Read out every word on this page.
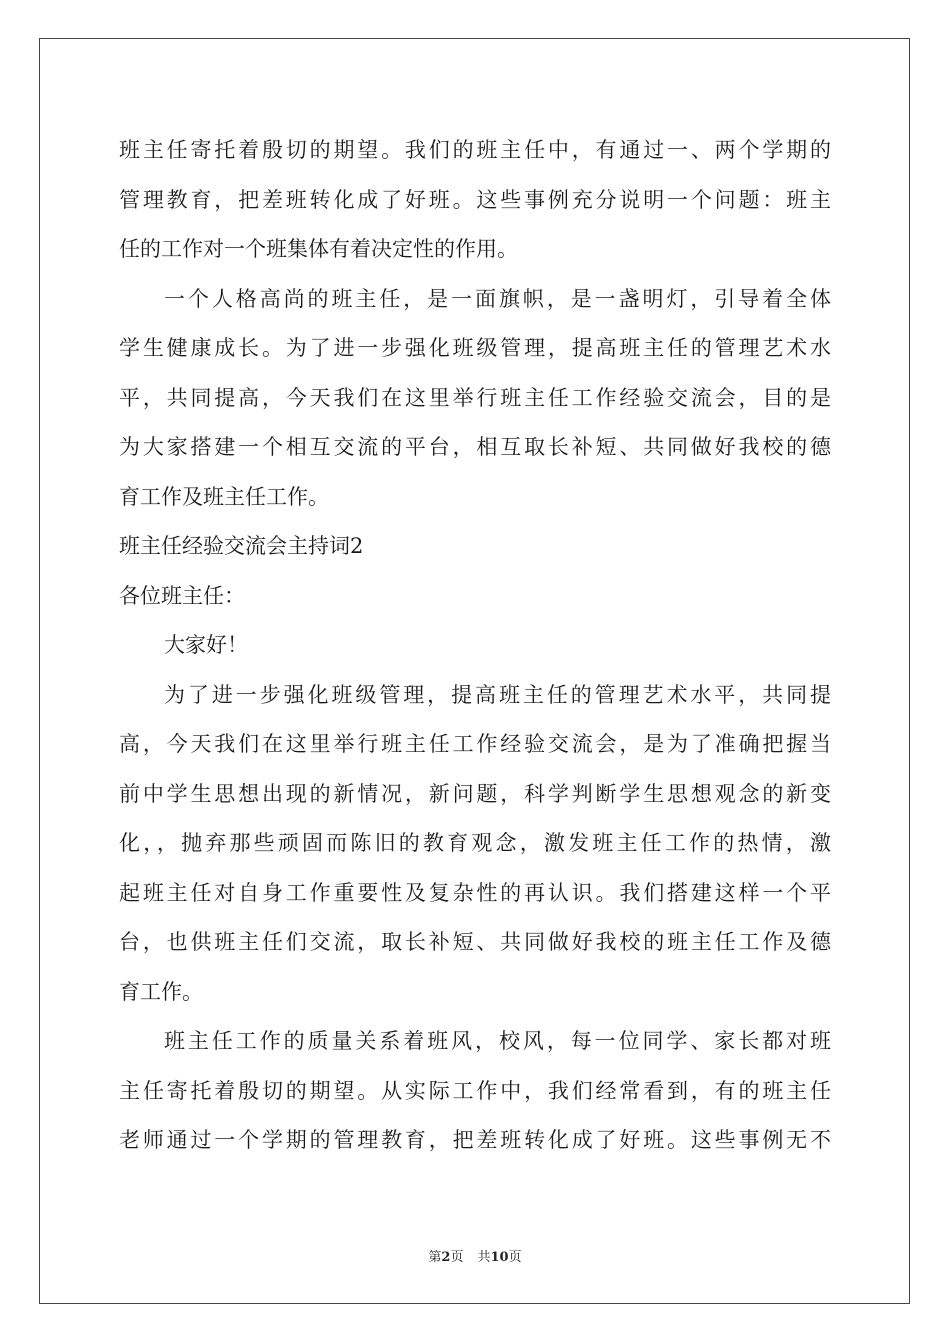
班主任寄托着殷切的期望。我们的班主任中，有通过一、两个学期的
管理教育，把差班转化成了好班。这些事例充分说明一个问题：班主
任的工作对一个班集体有着决定性的作用。
一个人格高尚的班主任，是一面旗帜，是一盏明灯，引导着全体
学生健康成长。为了进一步强化班级管理，提高班主任的管理艺术水
平，共同提高，今天我们在这里举行班主任工作经验交流会，目的是
为大家搭建一个相互交流的平台，相互取长补短、共同做好我校的德
育工作及班主任工作。
班主任经验交流会主持词2
各位班主任：
大家好！
为了进一步强化班级管理，提高班主任的管理艺术水平，共同提
高，今天我们在这里举行班主任工作经验交流会，是为了准确把握当
前中学生思想出现的新情况，新问题，科学判断学生思想观念的新变
化，，抛弃那些顽固而陈旧的教育观念，激发班主任工作的热情，激
起班主任对自身工作重要性及复杂性的再认识。我们搭建这样一个平
台，也供班主任们交流，取长补短、共同做好我校的班主任工作及德
育工作。
班主任工作的质量关系着班风，校风，每一位同学、家长都对班
主任寄托着殷切的期望。从实际工作中，我们经常看到，有的班主任
老师通过一个学期的管理教育，把差班转化成了好班。这些事例无不
第2页 共10页
